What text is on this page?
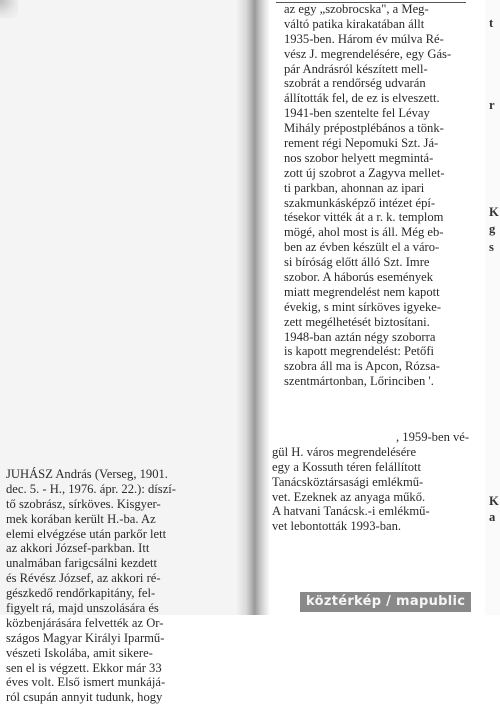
az egy „szobrocska", a Meg-
váltó patika kirakatában állt
1935-ben. Három év múlva Ré-
vész J. megrendelésére, egy Gás-
pár Andrásról készített mell-
szobrát a rendőrség udvarán
állították fel, de ez is elveszett.
1941-ben szentelte fel Lévay
Mihály prépostplébános a tönk-
rement régi Nepomuki Szt. Já-
nos szobor helyett megmintá-
zott új szobrot a Zagyva mellet-
ti parkban, ahonnan az ipari
szakmunkásképző intézet épí-
tésekor vitték át a r. k. templom
mögé, ahol most is áll. Még eb-
ben az évben készült el a váro-
si bíróság előtt álló Szt. Imre
szobor. A háborús események
miatt megrendelést nem kapott
évekig, s mint sírköves igyeke-
zett megélhetését biztosítani.
1948-ban aztán négy szoborra
is kapott megrendelést: Petőfi
szobra áll ma is Apcon, Rózsa-
szentmártonban, Lőrinciben '.
, 1959-ben vé-
gül H. város megrendelésére
egy a Kossuth téren felállított
Tanácsköztársasági emlékmű-
vet. Ezeknek az anyaga műkő.
A hatvani Tanácsk.-i emlékmű-
vet lebontották 1993-ban.
JUHÁSZ András (Verseg, 1901.
dec. 5. - H., 1976. ápr. 22.): díszí-
tő szobrász, sírköves. Kisgyer-
mek korában került H.-ba. Az
elemi elvégzése után parkőr lett
az akkori József-parkban. Itt
unalmában farigcsálni kezdett
és Révész József, az akkori ré-
gészkedő rendőrkapitány, fel-
figyelt rá, majd unszolására és
közbenjárására felvették az Or-
szágos Magyar Királyi Iparmű-
vészeti Iskolába, amit sikere-
sen el is végzett. Ekkor már 33
éves volt. Első ismert munkájá-
ról csupán annyit tudunk, hogy
t
r
K
g
s
K
a
köztérkép / mapublic
